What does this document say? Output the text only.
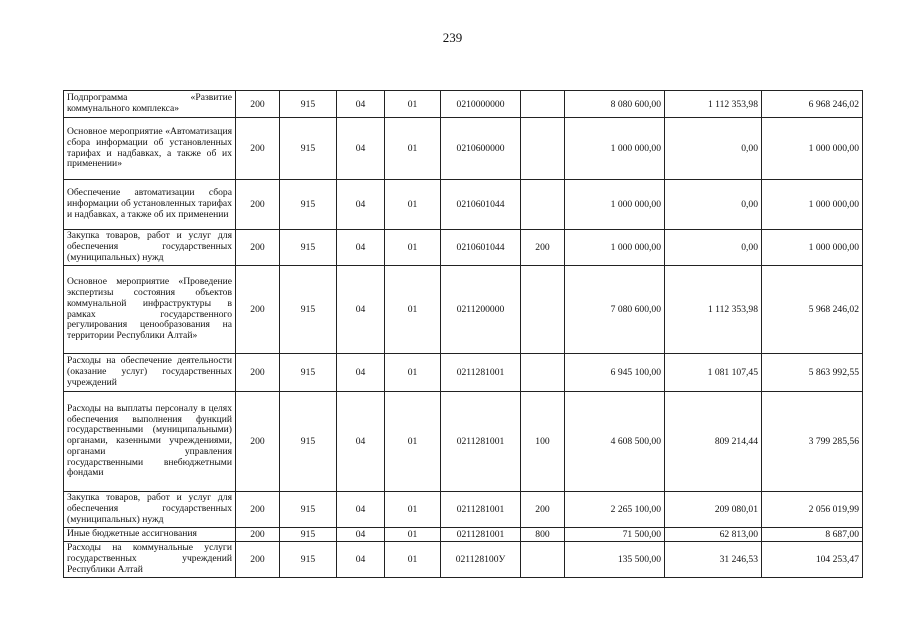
239
Подпрограмма «Развитие коммунального комплекса»	200	915	04	01	0210000000		8 080 600,00	1 112 353,98	6 968 246,02
Основное мероприятие «Автоматизация сбора информации об установленных тарифах и надбавках, а также об их применении»	200	915	04	01	0210600000		1 000 000,00	0,00	1 000 000,00
Обеспечение автоматизации сбора информации об установленных тарифах и надбавках, а также об их применении	200	915	04	01	0210601044		1 000 000,00	0,00	1 000 000,00
Закупка товаров, работ и услуг для обеспечения государственных (муниципальных) нужд	200	915	04	01	0210601044	200	1 000 000,00	0,00	1 000 000,00
Основное мероприятие «Проведение экспертизы состояния объектов коммунальной инфраструктуры в рамках государственного регулирования ценообразования на территории Республики Алтай»	200	915	04	01	0211200000		7 080 600,00	1 112 353,98	5 968 246,02
Расходы на обеспечение деятельности (оказание услуг) государственных учреждений	200	915	04	01	0211281001		6 945 100,00	1 081 107,45	5 863 992,55
Расходы на выплаты персоналу в целях обеспечения выполнения функций государственными (муниципальными) органами, казенными учреждениями, органами управления государственными внебюджетными фондами	200	915	04	01	0211281001	100	4 608 500,00	809 214,44	3 799 285,56
Закупка товаров, работ и услуг для обеспечения государственных (муниципальных) нужд	200	915	04	01	0211281001	200	2 265 100,00	209 080,01	2 056 019,99
Иные бюджетные ассигнования	200	915	04	01	0211281001	800	71 500,00	62 813,00	8 687,00
Расходы на коммунальные услуги государственных учреждений Республики Алтай	200	915	04	01	021128100У		135 500,00	31 246,53	104 253,47
